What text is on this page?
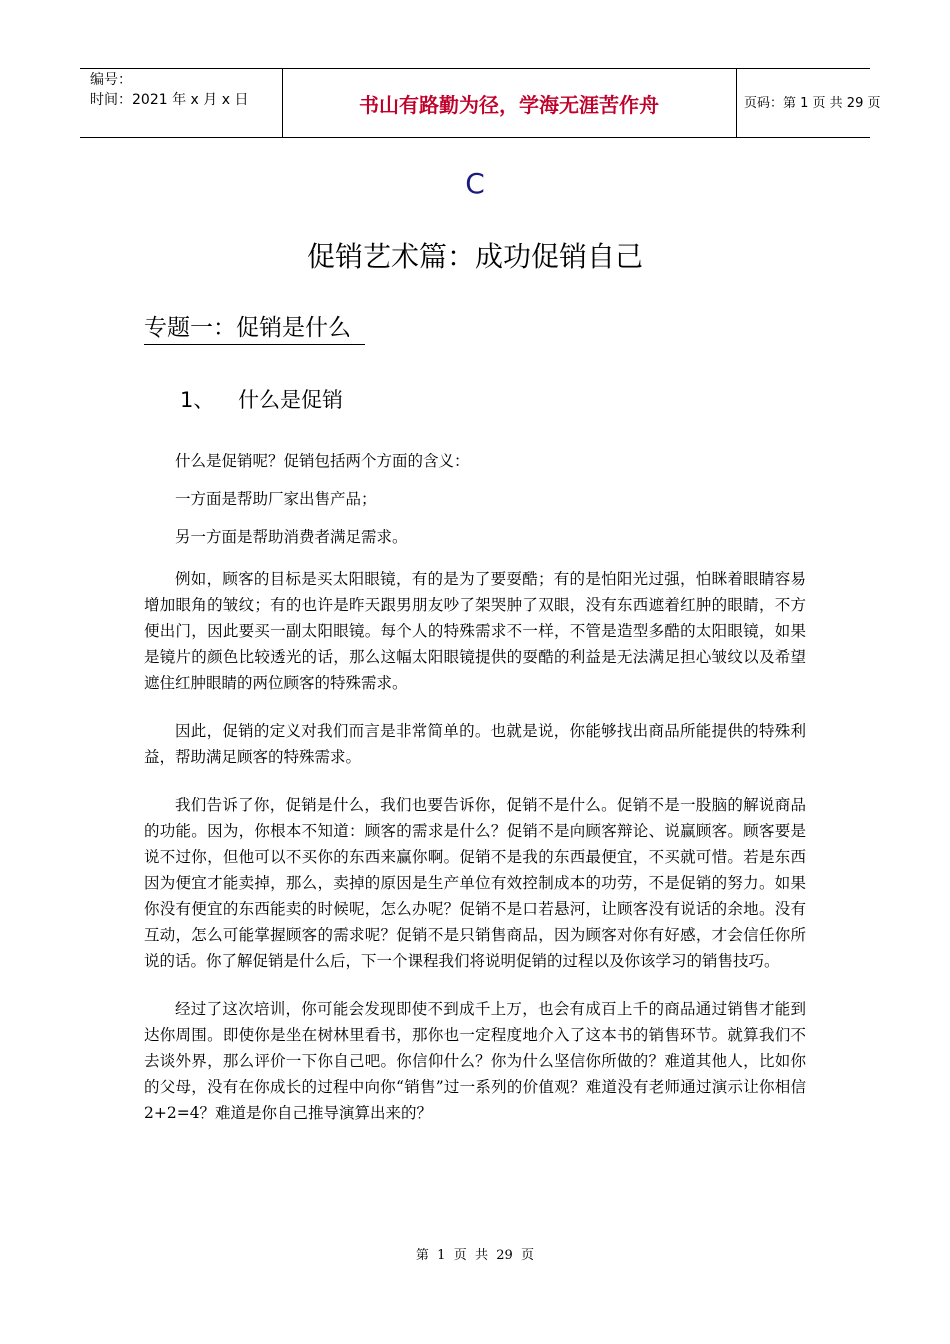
编号：
时间：2021 年 x 月 x 日	书山有路勤为径，学海无涯苦作舟	页码：第 1 页 共 29 页
C
促销艺术篇：成功促销自己
专题一：促销是什么
1、 什么是促销

什么是促销呢？促销包括两个方面的含义：

一方面是帮助厂家出售产品；

另一方面是帮助消费者满足需求。

例如，顾客的目标是买太阳眼镜，有的是为了要耍酷；有的是怕阳光过强，怕眯着眼睛容易增加眼角的皱纹；有的也许是昨天跟男朋友吵了架哭肿了双眼，没有东西遮着红肿的眼睛，不方便出门，因此要买一副太阳眼镜。每个人的特殊需求不一样，不管是造型多酷的太阳眼镜，如果是镜片的颜色比较透光的话，那么这幅太阳眼镜提供的耍酷的利益是无法满足担心皱纹以及希望遮住红肿眼睛的两位顾客的特殊需求。

因此，促销的定义对我们而言是非常简单的。也就是说，你能够找出商品所能提供的特殊利益，帮助满足顾客的特殊需求。

我们告诉了你，促销是什么，我们也要告诉你，促销不是什么。促销不是一股脑的解说商品的功能。因为，你根本不知道：顾客的需求是什么？促销不是向顾客辩论、说赢顾客。顾客要是说不过你，但他可以不买你的东西来赢你啊。促销不是我的东西最便宜，不买就可惜。若是东西因为便宜才能卖掉，那么，卖掉的原因是生产单位有效控制成本的功劳，不是促销的努力。如果你没有便宜的东西能卖的时候呢，怎么办呢？促销不是口若悬河，让顾客没有说话的余地。没有互动，怎么可能掌握顾客的需求呢？促销不是只销售商品，因为顾客对你有好感，才会信任你所说的话。你了解促销是什么后，下一个课程我们将说明促销的过程以及你该学习的销售技巧。

经过了这次培训，你可能会发现即使不到成千上万，也会有成百上千的商品通过销售才能到达你周围。即使你是坐在树林里看书，那你也一定程度地介入了这本书的销售环节。就算我们不去谈外界，那么评价一下你自己吧。你信仰什么？你为什么坚信你所做的？难道其他人，比如你的父母，没有在你成长的过程中向你“销售”过一系列的价值观？难道没有老师通过演示让你相信 2+2=4？难道是你自己推导演算出来的？

第  1  页  共  29  页
